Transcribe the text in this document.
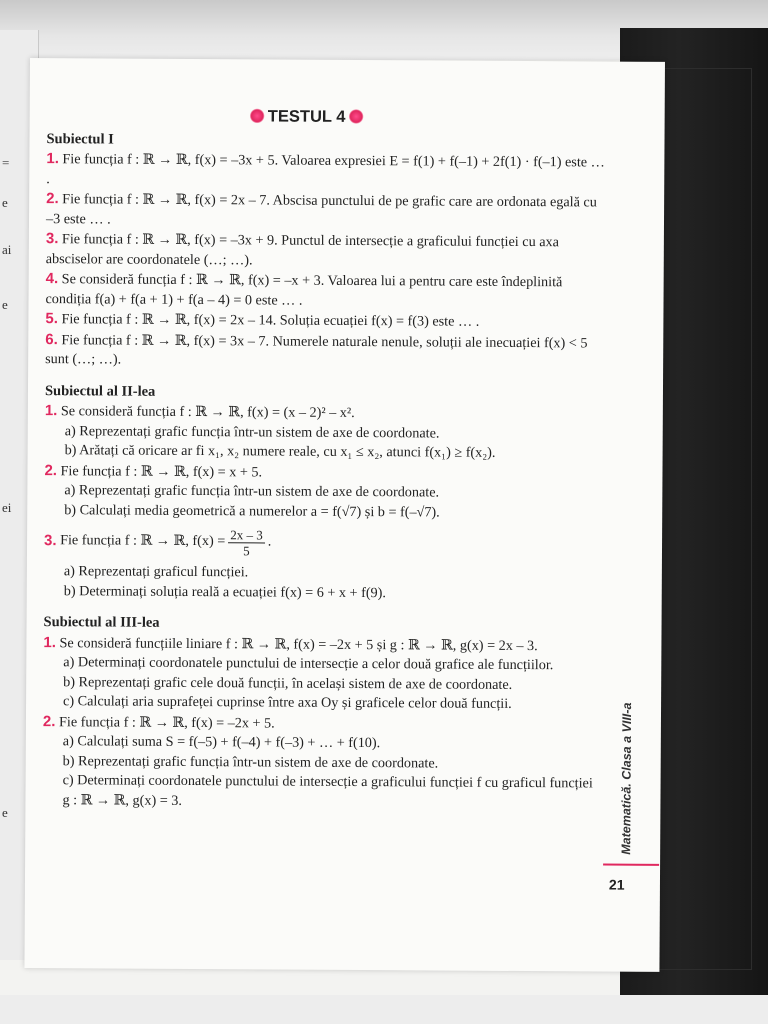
=
e
ai
e
ei
e
TESTUL 4
Subiectul I

1. Fie funcția f : ℝ → ℝ, f(x) = –3x + 5. Valoarea expresiei E = f(1) + f(–1) + 2f(1) · f(–1) este … .

2. Fie funcția f : ℝ → ℝ, f(x) = 2x – 7. Abscisa punctului de pe grafic care are ordonata egală cu –3 este … .

3. Fie funcția f : ℝ → ℝ, f(x) = –3x + 9. Punctul de intersecție a graficului funcției cu axa absciselor are coordonatele (…; …).

4. Se consideră funcția f : ℝ → ℝ, f(x) = –x + 3. Valoarea lui a pentru care este îndeplinită condiția f(a) + f(a + 1) + f(a – 4) = 0 este … .

5. Fie funcția f : ℝ → ℝ, f(x) = 2x – 14. Soluția ecuației f(x) = f(3) este … .

6. Fie funcția f : ℝ → ℝ, f(x) = 3x – 7. Numerele naturale nenule, soluții ale inecuației f(x) < 5 sunt (…; …).

Subiectul al II-lea

1. Se consideră funcția f : ℝ → ℝ, f(x) = (x – 2)² – x².

a) Reprezentați grafic funcția într-un sistem de axe de coordonate.

b) Arătați că oricare ar fi x₁, x₂ numere reale, cu x₁ ≤ x₂, atunci f(x₁) ≥ f(x₂).

2. Fie funcția f : ℝ → ℝ, f(x) = x + 5.

a) Reprezentați grafic funcția într-un sistem de axe de coordonate.

b) Calculați media geometrică a numerelor a = f(√7) și b = f(–√7).

3.
Fie funcția f : ℝ → ℝ, $f(x) = \frac{2x - 3}{5}$ .

a) Reprezentați graficul funcției.

b) Determinați soluția reală a ecuației f(x) = 6 + x + f(9).

Subiectul al III-lea

1. Se consideră funcțiile liniare f : ℝ → ℝ, f(x) = –2x + 5 și g : ℝ → ℝ, g(x) = 2x – 3.

a) Determinați coordonatele punctului de intersecție a celor două grafice ale funcțiilor.

b) Reprezentați grafic cele două funcții, în același sistem de axe de coordonate.

c) Calculați aria suprafeței cuprinse între axa Oy și graficele celor două funcții.

2. Fie funcția f : ℝ → ℝ, f(x) = –2x + 5.

a) Calculați suma S = f(–5) + f(–4) + f(–3) + … + f(10).

b) Reprezentați grafic funcția într-un sistem de axe de coordonate.

c) Determinați coordonatele punctului de intersecție a graficului funcției f cu graficul funcției g : ℝ → ℝ, g(x) = 3.	Matematică. Clasa a VIII-a
21
